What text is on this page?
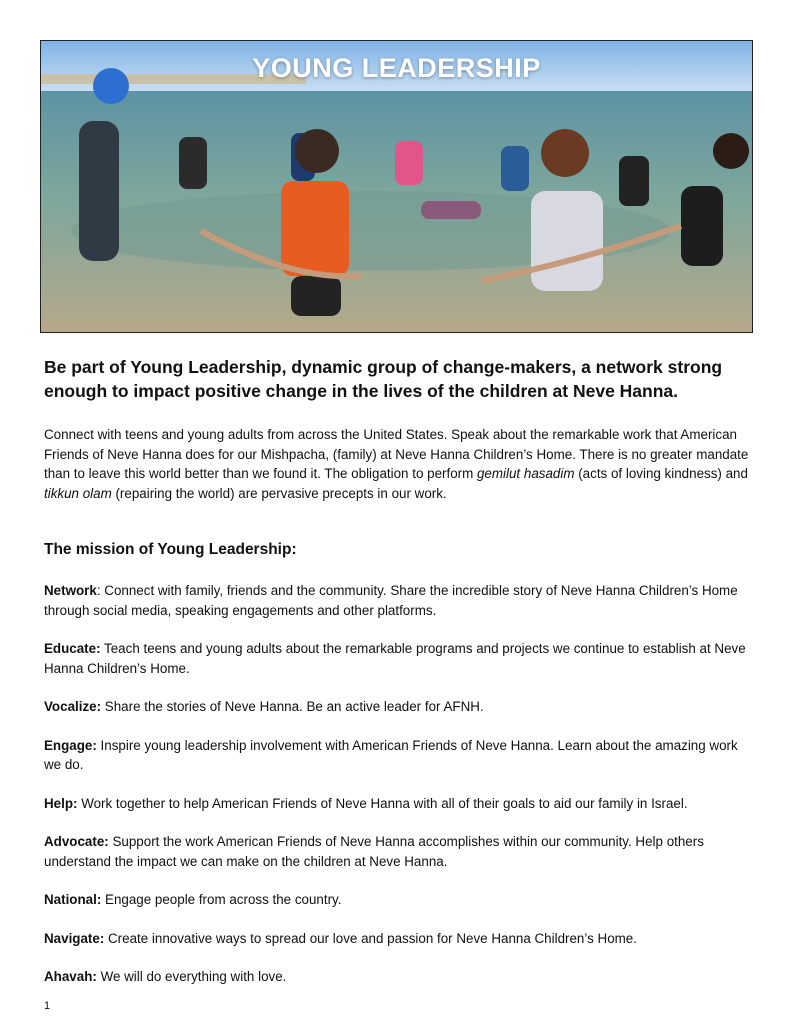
YOUNG LEADERSHIP

Be part of Young Leadership, dynamic group of change-makers, a network strong enough to impact positive change in the lives of the children at Neve Hanna.

Connect with teens and young adults from across the United States. Speak about the remarkable work that American Friends of Neve Hanna does for our Mishpacha, (family) at Neve Hanna Children’s Home. There is no greater mandate than to leave this world better than we found it. The obligation to perform gemilut hasadim (acts of loving kindness) and tikkun olam (repairing the world) are pervasive precepts in our work.

The mission of Young Leadership:

Network: Connect with family, friends and the community. Share the incredible story of Neve Hanna Children’s Home through social media, speaking engagements and other platforms.

Educate: Teach teens and young adults about the remarkable programs and projects we continue to establish at Neve Hanna Children’s Home.

Vocalize: Share the stories of Neve Hanna. Be an active leader for AFNH.

Engage: Inspire young leadership involvement with American Friends of Neve Hanna. Learn about the amazing work we do.

Help: Work together to help American Friends of Neve Hanna with all of their goals to aid our family in Israel.

Advocate: Support the work American Friends of Neve Hanna accomplishes within our community. Help others understand the impact we can make on the children at Neve Hanna.

National: Engage people from across the country.

Navigate: Create innovative ways to spread our love and passion for Neve Hanna Children’s Home.

Ahavah: We will do everything with love.

1
